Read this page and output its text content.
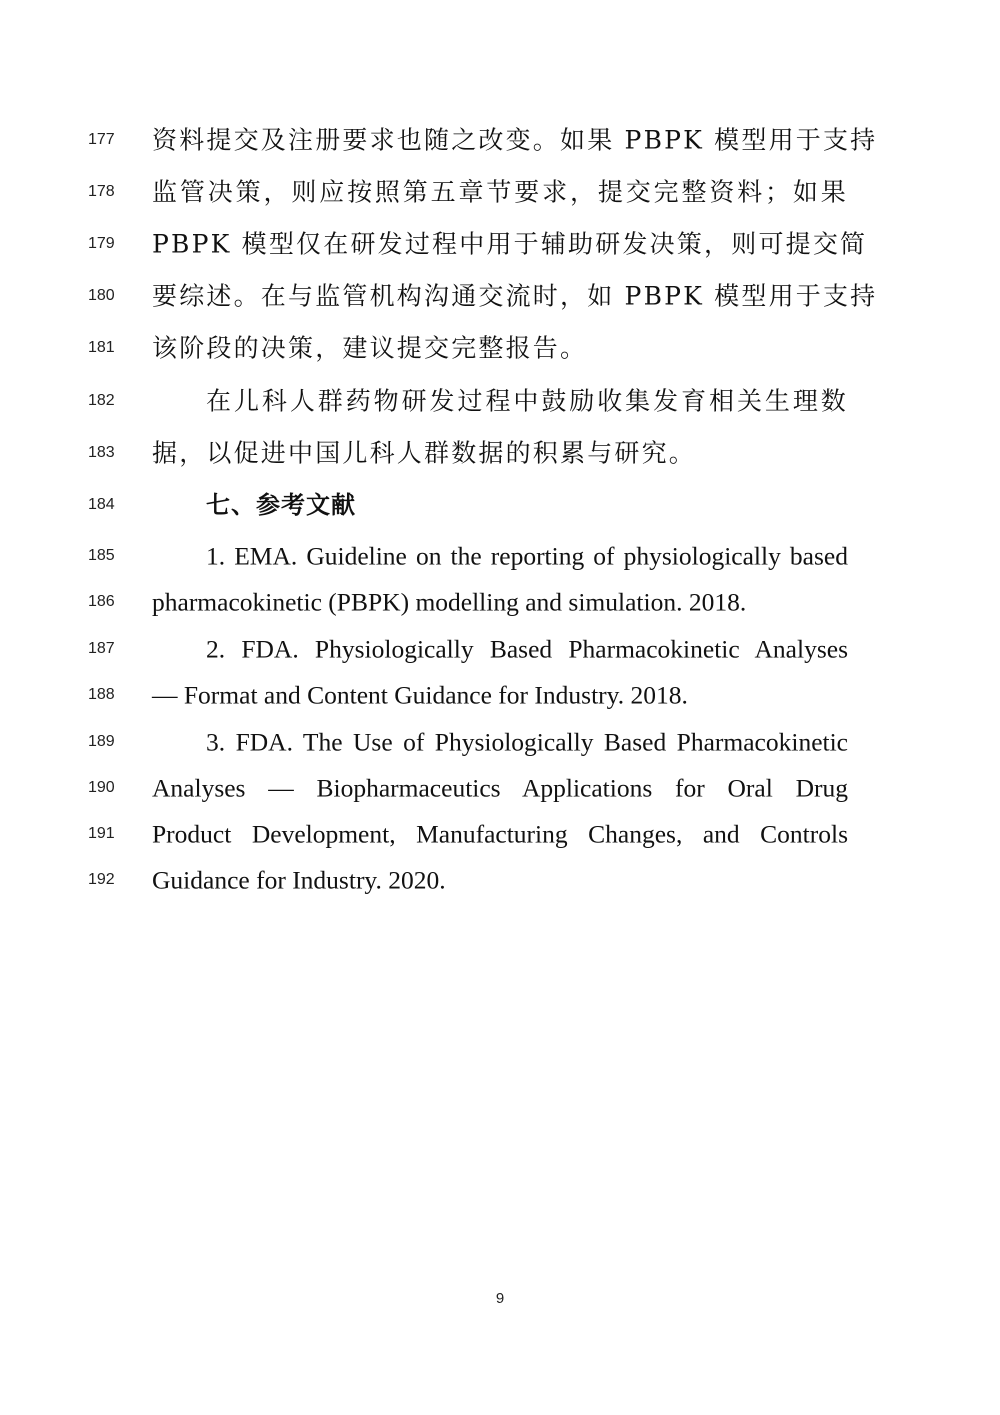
177	资料提交及注册要求也随之改变。如果 PBPK 模型用于支持
178	监管决策，则应按照第五章节要求，提交完整资料；如果
179	PBPK 模型仅在研发过程中用于辅助研发决策，则可提交简
180	要综述。在与监管机构沟通交流时，如 PBPK 模型用于支持
181	该阶段的决策，建议提交完整报告。
182	在儿科人群药物研发过程中鼓励收集发育相关生理数
183	据，以促进中国儿科人群数据的积累与研究。
184	七、参考文献
185	1. EMA. Guideline on the reporting of physiologically based
186	pharmacokinetic (PBPK) modelling and simulation. 2018.
187	2. FDA. Physiologically Based Pharmacokinetic Analyses
188	— Format and Content Guidance for Industry. 2018.
189	3. FDA. The Use of Physiologically Based Pharmacokinetic
190	Analyses — Biopharmaceutics Applications for Oral Drug
191	Product Development, Manufacturing Changes, and Controls
192	Guidance for Industry. 2020.
9
